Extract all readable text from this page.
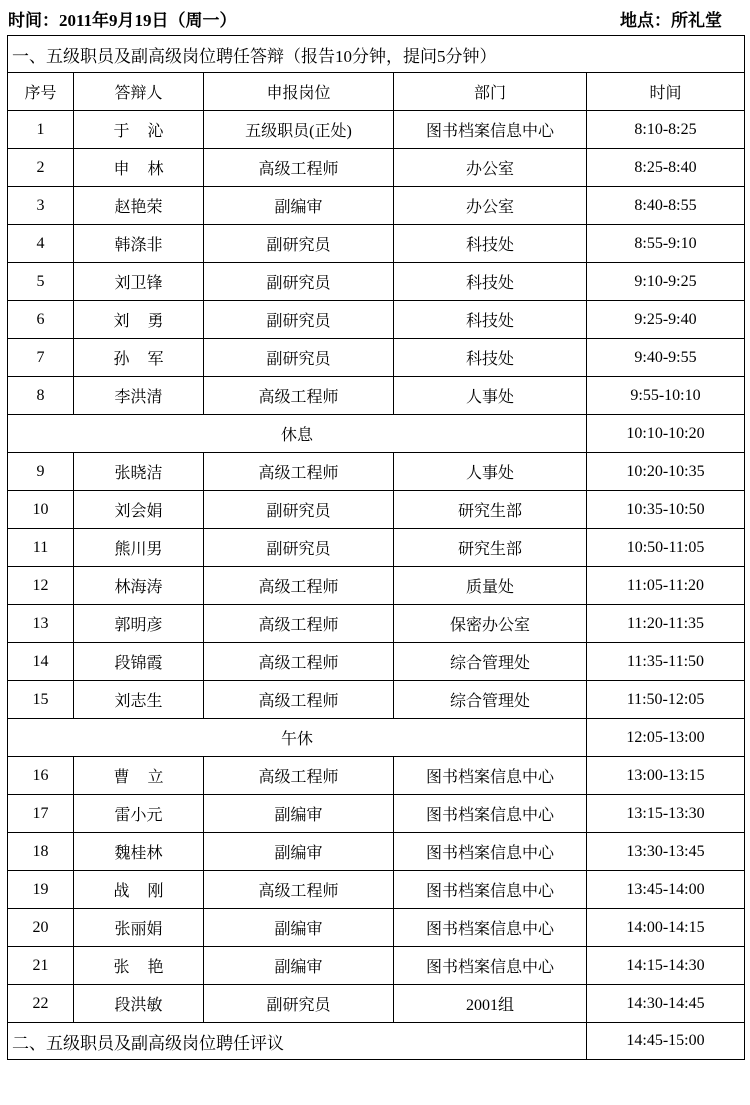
时间：2011年9月19日（周一）	地点：所礼堂
一、五级职员及副高级岗位聘任答辩（报告10分钟，提问5分钟）				
序号	答辩人	申报岗位	部门	时间
1	于沁	五级职员(正处)	图书档案信息中心	8:10-8:25
2	申林	高级工程师	办公室	8:25-8:40
3	赵艳荣	副编审	办公室	8:40-8:55
4	韩涤非	副研究员	科技处	8:55-9:10
5	刘卫锋	副研究员	科技处	9:10-9:25
6	刘勇	副研究员	科技处	9:25-9:40
7	孙军	副研究员	科技处	9:40-9:55
8	李洪清	高级工程师	人事处	9:55-10:10
休息				10:10-10:20
9	张晓洁	高级工程师	人事处	10:20-10:35
10	刘会娟	副研究员	研究生部	10:35-10:50
11	熊川男	副研究员	研究生部	10:50-11:05
12	林海涛	高级工程师	质量处	11:05-11:20
13	郭明彦	高级工程师	保密办公室	11:20-11:35
14	段锦霞	高级工程师	综合管理处	11:35-11:50
15	刘志生	高级工程师	综合管理处	11:50-12:05
午休				12:05-13:00
16	曹立	高级工程师	图书档案信息中心	13:00-13:15
17	雷小元	副编审	图书档案信息中心	13:15-13:30
18	魏桂林	副编审	图书档案信息中心	13:30-13:45
19	战刚	高级工程师	图书档案信息中心	13:45-14:00
20	张丽娟	副编审	图书档案信息中心	14:00-14:15
21	张艳	副编审	图书档案信息中心	14:15-14:30
22	段洪敏	副研究员	2001组	14:30-14:45
二、五级职员及副高级岗位聘任评议				14:45-15:00
